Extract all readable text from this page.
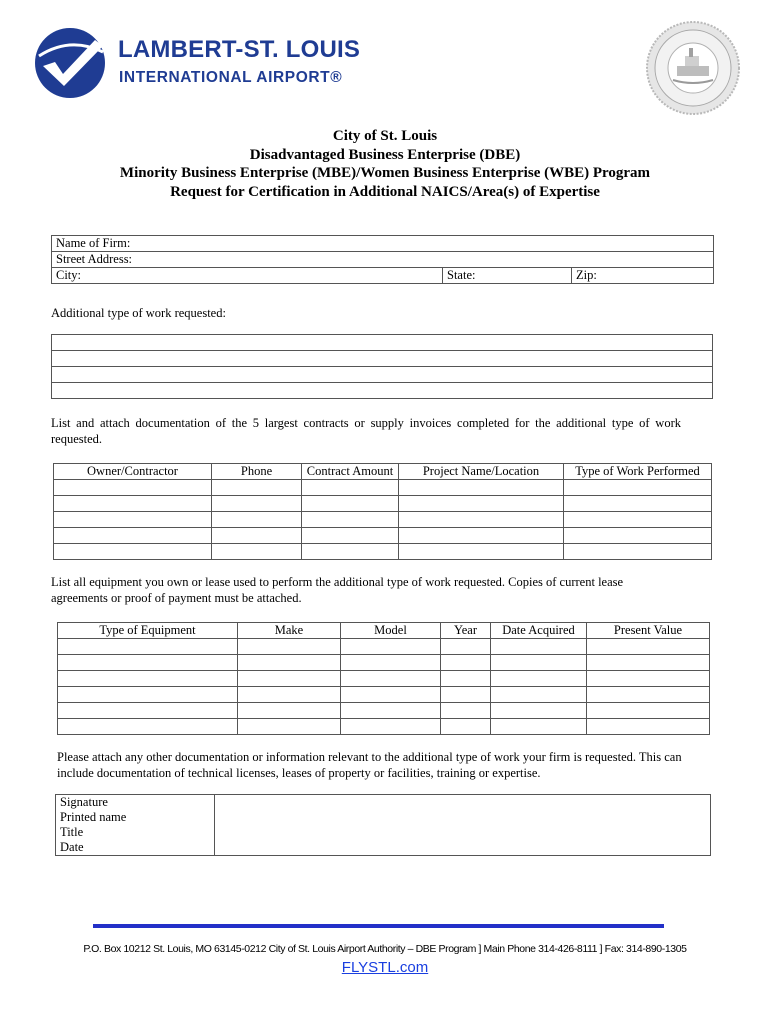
LAMBERT-ST. LOUIS
INTERNATIONAL AIRPORT®
City of St. Louis
Disadvantaged Business Enterprise (DBE)
Minority Business Enterprise (MBE)/Women Business Enterprise (WBE) Program
Request for Certification in Additional NAICS/Area(s) of Expertise
Name of Firm:
Street Address:
City:	State:	Zip:
Additional type of work requested:

List and attach documentation of the 5 largest contracts or supply invoices completed for the additional type of work requested.
Owner/Contractor	Phone	Contract Amount	Project Name/Location	Type of Work Performed

List all equipment you own or lease used to perform the additional type of work requested. Copies of current lease agreements or proof of payment must be attached.
Type of Equipment	Make	Model	Year	Date Acquired	Present Value

Please attach any other documentation or information relevant to the additional type of work your firm is requested. This can include documentation of technical licenses, leases of property or facilities, training or expertise.
Signature	
Printed name	
Title	
Date	
P.O. Box 10212 St. Louis, MO 63145-0212 City of St. Louis Airport Authority – DBE Program ] Main Phone 314-426-8111 ] Fax: 314-890-1305
FLYSTL.com
